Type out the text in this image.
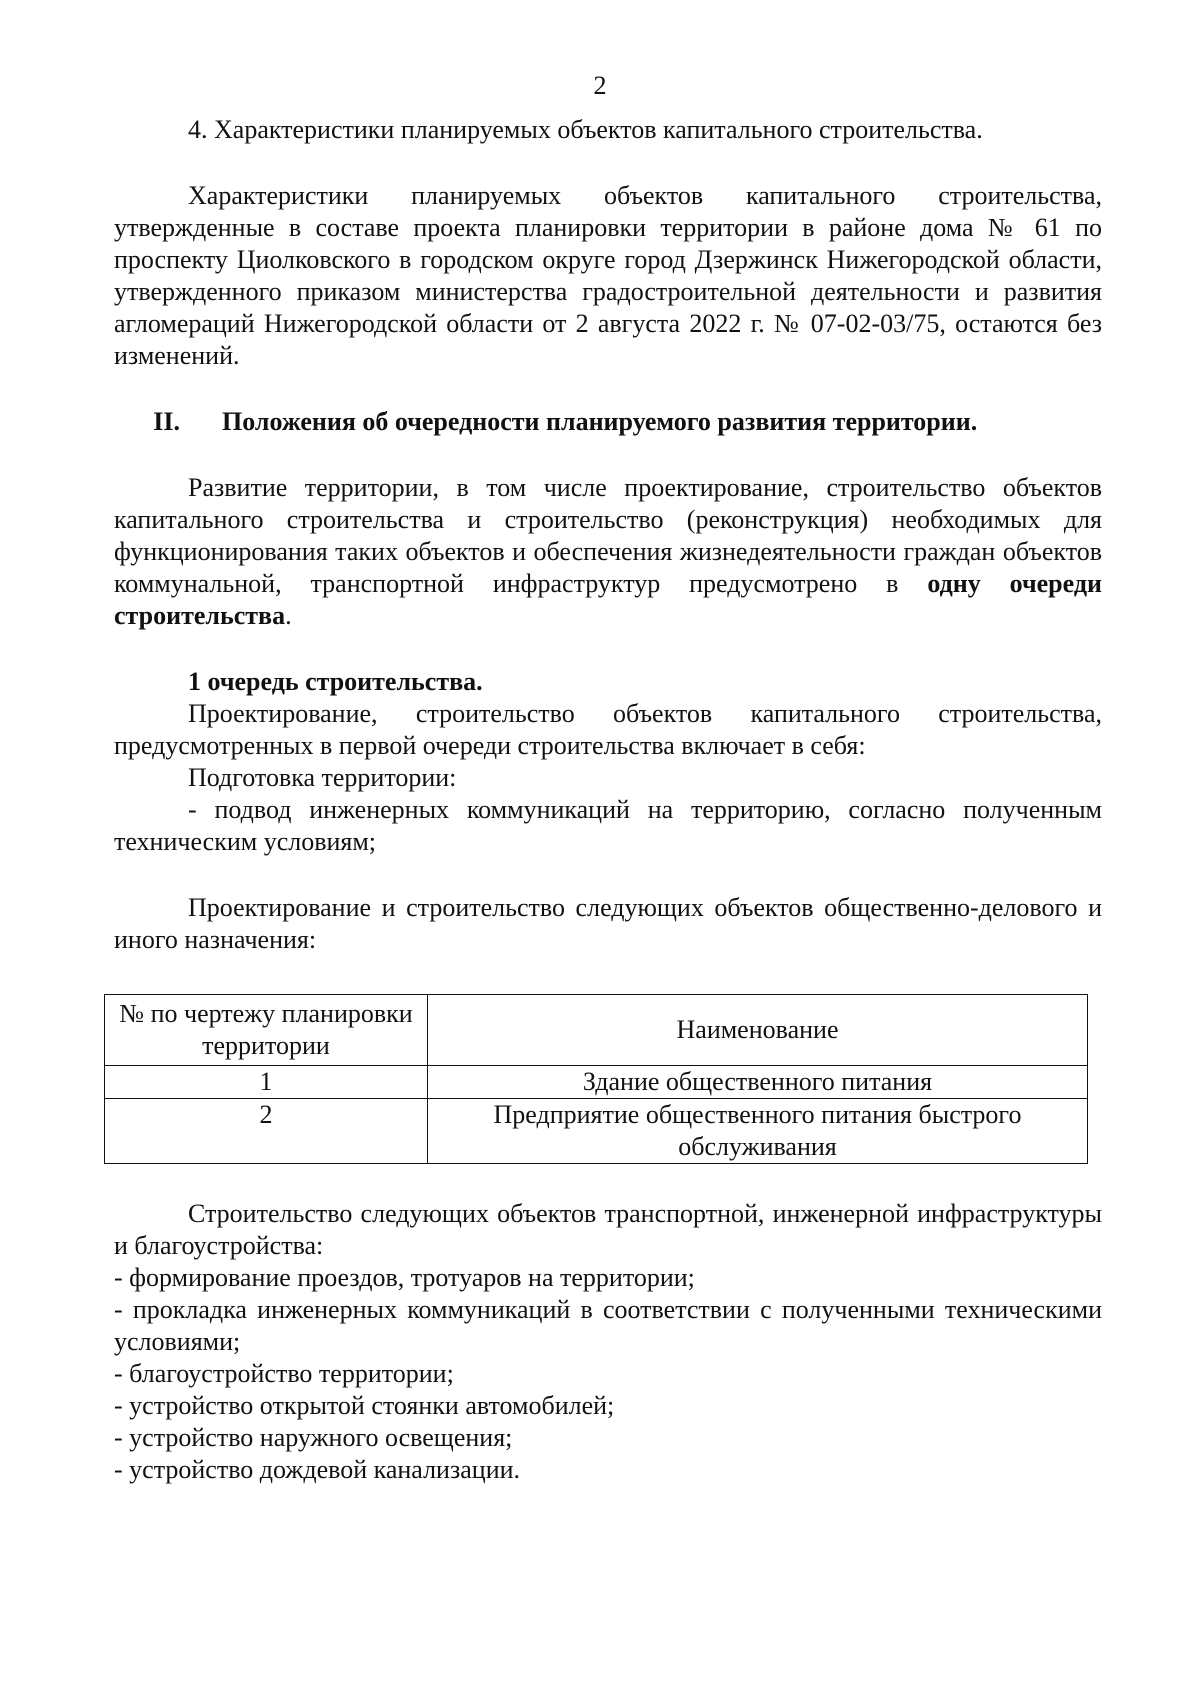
2

4. Характеристики планируемых объектов капитального строительства.

Характеристики планируемых объектов капитального строительства, утвержденные в составе проекта планировки территории в районе дома № 61 по проспекту Циолковского в городском округе город Дзержинск Нижегородской области, утвержденного приказом министерства градостроительной деятельности и развития агломераций Нижегородской области от 2 августа 2022 г. № 07-02-03/75, остаются без изменений.

II. Положения об очередности планируемого развития территории.

Развитие территории, в том числе проектирование, строительство объектов капитального строительства и строительство (реконструкция) необходимых для функционирования таких объектов и обеспечения жизнедеятельности граждан объектов коммунальной, транспортной инфраструктур предусмотрено в одну очереди строительства.

1 очередь строительства.

Проектирование, строительство объектов капитального строительства, предусмотренных в первой очереди строительства включает в себя:

Подготовка территории:

- подвод инженерных коммуникаций на территорию, согласно полученным техническим условиям;

Проектирование и строительство следующих объектов общественно-делового и иного назначения:

№ по чертежу планировки территории	Наименование
1	Здание общественного питания
2	Предприятие общественного питания быстрого обслуживания

Строительство следующих объектов транспортной, инженерной инфраструктуры и благоустройства:

- формирование проездов, тротуаров на территории;

- прокладка инженерных коммуникаций в соответствии с полученными техническими условиями;

- благоустройство территории;

- устройство открытой стоянки автомобилей;

- устройство наружного освещения;

- устройство дождевой канализации.
